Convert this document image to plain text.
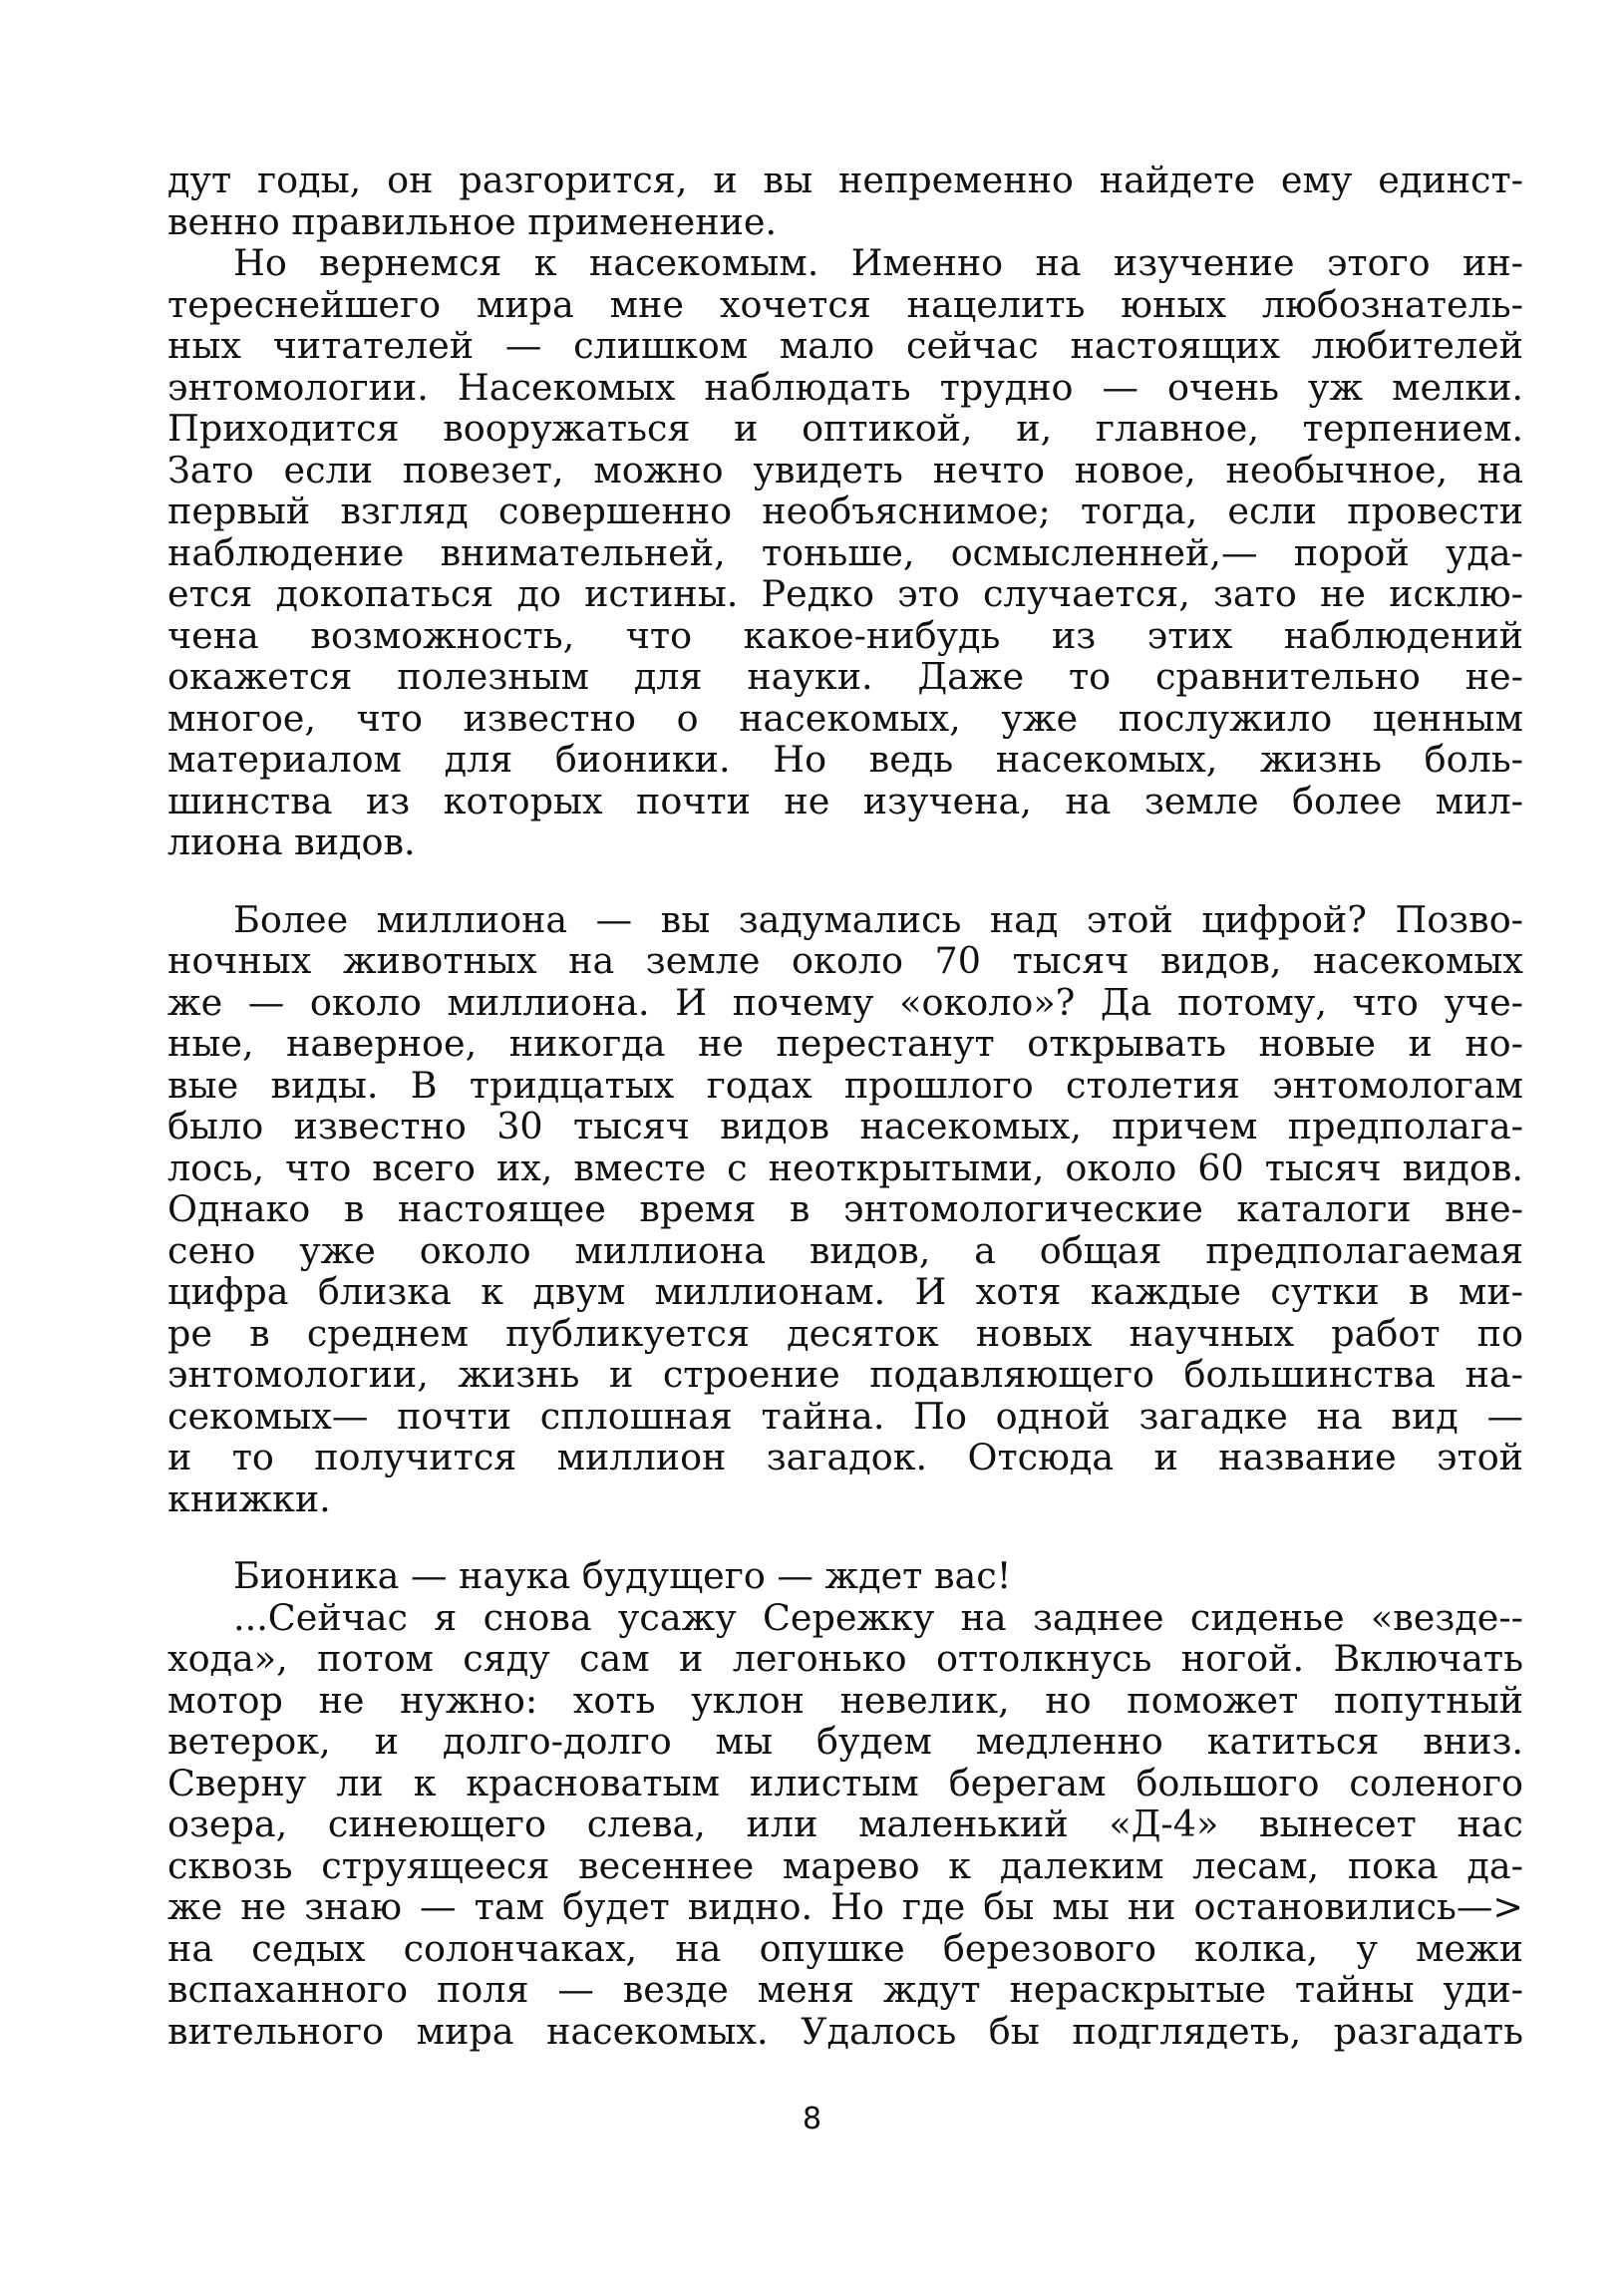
дут годы, он разгорится, и вы непременно найдете ему единст-
венно правильное применение.
Но вернемся к насекомым. Именно на изучение этого ин-
тереснейшего мира мне хочется нацелить юных любознатель-
ных читателей — слишком мало сейчас настоящих любителей
энтомологии. Насекомых наблюдать трудно — очень уж мелки.
Приходится вооружаться и оптикой, и, главное, терпением.
Зато если повезет, можно увидеть нечто новое, необычное, на
первый взгляд совершенно необъяснимое; тогда, если провести
наблюдение внимательней, тоньше, осмысленней,— порой уда-
ется докопаться до истины. Редко это случается, зато не исклю-
чена возможность, что какое-нибудь из этих наблюдений
окажется полезным для науки. Даже то сравнительно не-
многое, что известно о насекомых, уже послужило ценным
материалом для бионики. Но ведь насекомых, жизнь боль-
шинства из которых почти не изучена, на земле более мил-
лиона видов.
Более миллиона — вы задумались над этой цифрой? Позво-
ночных животных на земле около 70 тысяч видов, насекомых
же — около миллиона. И почему «около»? Да потому, что уче-
ные, наверное, никогда не перестанут открывать новые и но-
вые виды. В тридцатых годах прошлого столетия энтомологам
было известно 30 тысяч видов насекомых, причем предполага-
лось, что всего их, вместе с неоткрытыми, около 60 тысяч видов.
Однако в настоящее время в энтомологические каталоги вне-
сено уже около миллиона видов, а общая предполагаемая
цифра близка к двум миллионам. И хотя каждые сутки в ми-
ре в среднем публикуется десяток новых научных работ по
энтомологии, жизнь и строение подавляющего большинства на-
секомых— почти сплошная тайна. По одной загадке на вид —
и то получится миллион загадок. Отсюда и название этой
книжки.
Бионика — наука будущего — ждет вас!
...Сейчас я снова усажу Сережку на заднее сиденье «везде--
хода», потом сяду сам и легонько оттолкнусь ногой. Включать
мотор не нужно: хоть уклон невелик, но поможет попутный
ветерок, и долго-долго мы будем медленно катиться вниз.
Сверну ли к красноватым илистым берегам большого соленого
озера, синеющего слева, или маленький «Д-4» вынесет нас
сквозь струящееся весеннее марево к далеким лесам, пока да-
же не знаю — там будет видно. Но где бы мы ни остановились—>
на седых солончаках, на опушке березового колка, у межи
вспаханного поля — везде меня ждут нераскрытые тайны уди-
вительного мира насекомых. Удалось бы подглядеть, разгадать
8
